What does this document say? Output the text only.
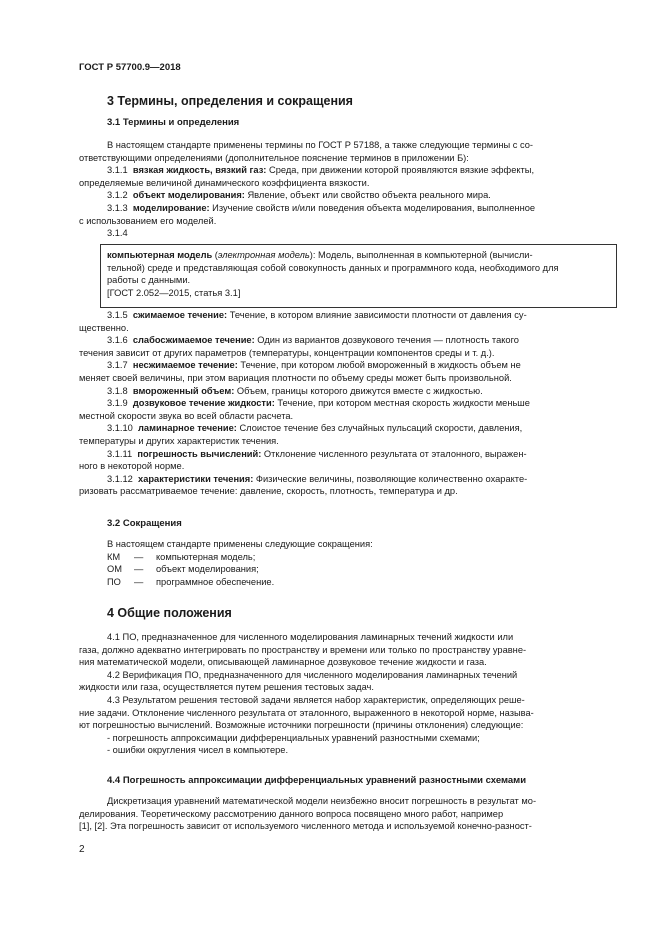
ГОСТ Р 57700.9—2018
3 Термины, определения и сокращения
3.1 Термины и определения
В настоящем стандарте применены термины по ГОСТ Р 57188, а также следующие термины с со-
ответствующими определениями (дополнительное пояснение терминов в приложении Б):
3.1.1 вязкая жидкость, вязкий газ: Среда, при движении которой проявляются вязкие эффекты,
определяемые величиной динамического коэффициента вязкости.
3.1.2 объект моделирования: Явление, объект или свойство объекта реального мира.
3.1.3 моделирование: Изучение свойств и/или поведения объекта моделирования, выполненное
с использованием его моделей.
3.1.4
компьютерная модель (электронная модель): Модель, выполненная в компьютерной (вычисли-
тельной) среде и представляющая собой совокупность данных и программного кода, необходимого для
работы с данными.
[ГОСТ 2.052—2015, статья 3.1]
3.1.5 сжимаемое течение: Течение, в котором влияние зависимости плотности от давления су-
щественно.
3.1.6 слабосжимаемое течение: Один из вариантов дозвукового течения — плотность такого
течения зависит от других параметров (температуры, концентрации компонентов среды и т. д.).
3.1.7 несжимаемое течение: Течение, при котором любой вмороженный в жидкость объем не
меняет своей величины, при этом вариация плотности по объему среды может быть произвольной.
3.1.8 вмороженный объем: Объем, границы которого движутся вместе с жидкостью.
3.1.9 дозвуковое течение жидкости: Течение, при котором местная скорость жидкости меньше
местной скорости звука во всей области расчета.
3.1.10 ламинарное течение: Слоистое течение без случайных пульсаций скорости, давления,
температуры и других характеристик течения.
3.1.11 погрешность вычислений: Отклонение численного результата от эталонного, выражен-
ного в некоторой норме.
3.1.12 характеристики течения: Физические величины, позволяющие количественно охаракте-
ризовать рассматриваемое течение: давление, скорость, плотность, температура и др.
3.2 Сокращения
В настоящем стандарте применены следующие сокращения:
КМ	—	компьютерная модель;
ОМ	—	объект моделирования;
ПО	—	программное обеспечение.
4 Общие положения
4.1 ПО, предназначенное для численного моделирования ламинарных течений жидкости или
газа, должно адекватно интегрировать по пространству и времени или только по пространству уравне-
ния математической модели, описывающей ламинарное дозвуковое течение жидкости и газа.
4.2 Верификация ПО, предназначенного для численного моделирования ламинарных течений
жидкости или газа, осуществляется путем решения тестовых задач.
4.3 Результатом решения тестовой задачи является набор характеристик, определяющих реше-
ние задачи. Отклонение численного результата от эталонного, выраженного в некоторой норме, называ-
ют погрешностью вычислений. Возможные источники погрешности (причины отклонения) следующие:
- погрешность аппроксимации дифференциальных уравнений разностными схемами;
- ошибки округления чисел в компьютере.
4.4 Погрешность аппроксимации дифференциальных уравнений разностными схемами
Дискретизация уравнений математической модели неизбежно вносит погрешность в результат мо-
делирования. Теоретическому рассмотрению данного вопроса посвящено много работ, например
[1], [2]. Эта погрешность зависит от используемого численного метода и используемой конечно-разност-
2
